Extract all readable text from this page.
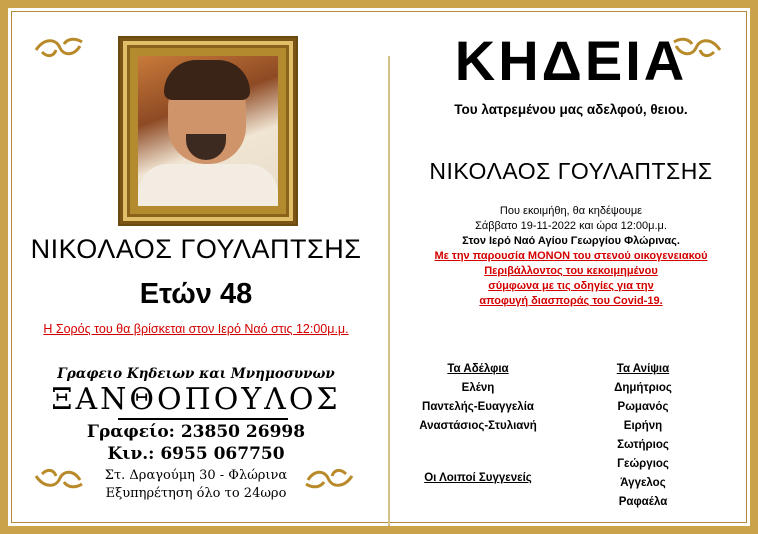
ΝΙΚΟΛΑΟΣ ΓΟΥΛΑΠΤΣΗΣ
Ετών 48
Η Σορός του θα βρίσκεται στον Ιερό Ναό στις 12:00μ.μ.
Γραφειο Κηδειων και Μνημοσυνων
ΞΑΝΘΟΠΟΥΛΟΣ
Γραφείο: 23850 26998
Κιν.: 6955 067750
Στ. Δραγούμη 30 - Φλώρινα
Εξυπηρέτηση όλο το 24ωρο
ΚΗΔΕΙΑ
Του λατρεμένου μας αδελφού, θειου.
ΝΙΚΟΛΑΟΣ ΓΟΥΛΑΠΤΣΗΣ
Που εκοιμήθη, θα κηδέψουμε
Σάββατο 19-11-2022 και ώρα 12:00μ.μ.
Στον Ιερό Ναό Αγίου Γεωργίου Φλώρινας.
Με την παρουσία ΜΟΝΟΝ του στενού οικογενειακού
Περιβάλλοντος του κεκοιμημένου
σύμφωνα με τις οδηγίες για την
αποφυγή διασποράς του Covid-19.
Τα Αδέλφια
Ελένη
Παντελής-Ευαγγελία
Αναστάσιος-Στυλιανή
Οι Λοιποί Συγγενείς
Τα Ανίψια
Δημήτριος
Ρωμανός
Ειρήνη
Σωτήριος
Γεώργιος
Άγγελος
Ραφαέλα
